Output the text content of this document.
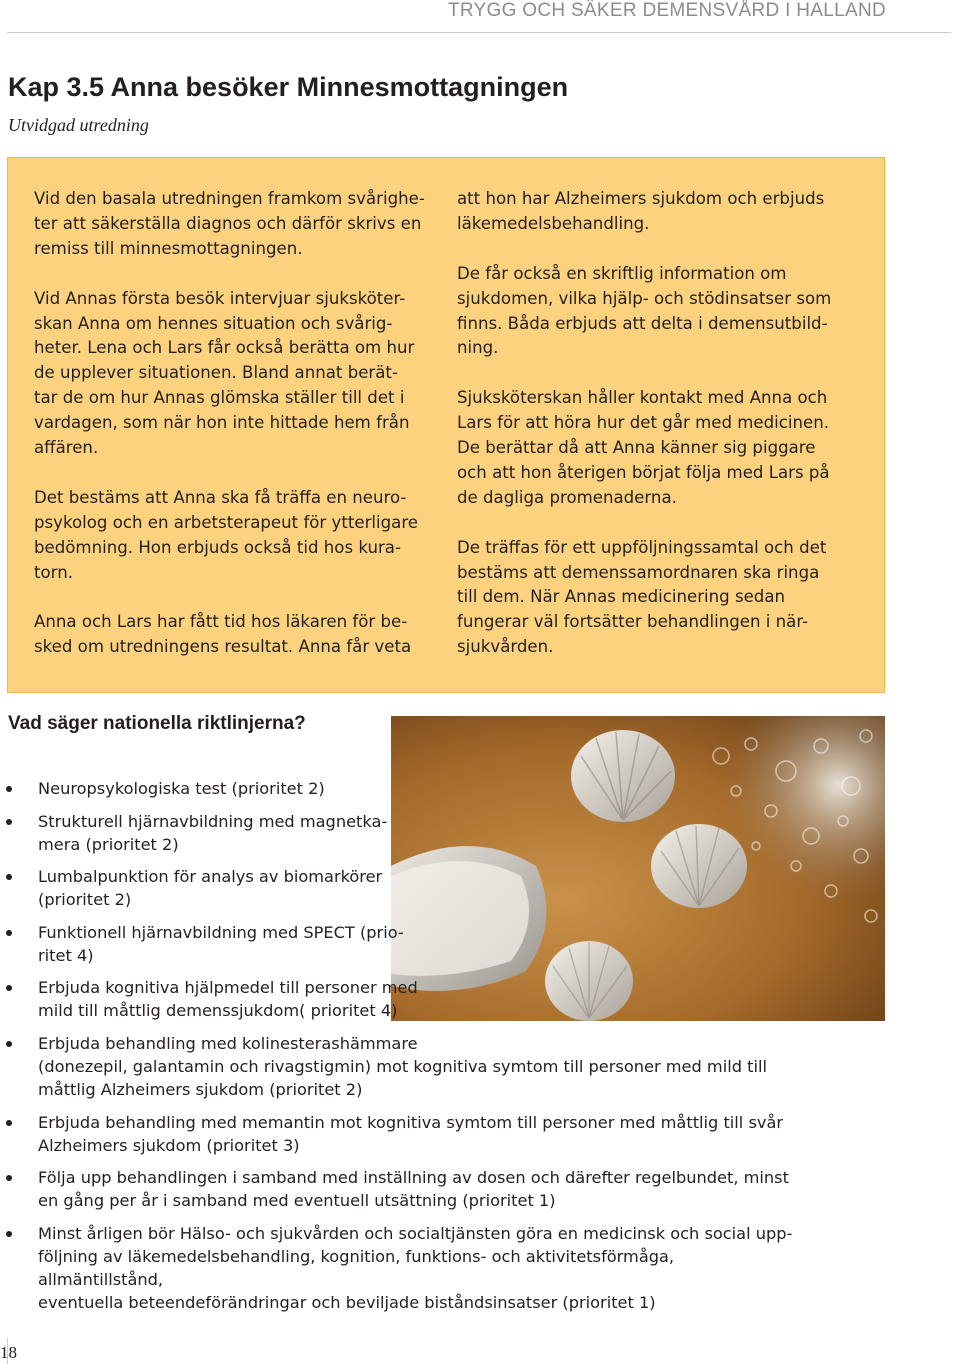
TRYGG OCH SÄKER DEMENSVÅRD I HALLAND
Kap 3.5 Anna besöker Minnesmottagningen
Utvidgad utredning

Vid den basala utredningen framkom svårighe-
ter att säkerställa diagnos och därför skrivs en
remiss till minnesmottagningen.

Vid Annas första besök intervjuar sjuksköter-
skan Anna om hennes situation och svårig-
heter. Lena och Lars får också berätta om hur
de upplever situationen. Bland annat berät-
tar de om hur Annas glömska ställer till det i
vardagen, som när hon inte hittade hem från
affären.

Det bestäms att Anna ska få träffa en neuro-
psykolog och en arbetsterapeut för ytterligare
bedömning. Hon erbjuds också tid hos kura-
torn.

Anna och Lars har fått tid hos läkaren för be-
sked om utredningens resultat. Anna får veta

att hon har Alzheimers sjukdom och erbjuds
läkemedelsbehandling.

De får också en skriftlig information om
sjukdomen, vilka hjälp- och stödinsatser som
finns. Båda erbjuds att delta i demensutbild-
ning.

Sjuksköterskan håller kontakt med Anna och
Lars för att höra hur det går med medicinen.
De berättar då att Anna känner sig piggare
och att hon återigen börjat följa med Lars på
de dagliga promenaderna.

De träffas för ett uppföljningssamtal och det
bestäms att demenssamordnaren ska ringa
till dem. När Annas medicinering sedan
fungerar väl fortsätter behandlingen i när-
sjukvården.

Vad säger nationella riktlinjerna?
Neuropsykologiska test (prioritet 2)
Strukturell hjärnavbildning med magnetka-
mera (prioritet 2)
Lumbalpunktion för analys av biomarkörer
(prioritet 2)
Funktionell hjärnavbildning med SPECT (prio-
ritet 4)
Erbjuda kognitiva hjälpmedel till personer med
mild till måttlig demenssjukdom( prioritet 4)
Erbjuda behandling med kolinesterashämmare
(donezepil, galantamin och rivagstigmin) mot kognitiva symtom till personer med mild till
måttlig Alzheimers sjukdom (prioritet 2)
Erbjuda behandling med memantin mot kognitiva symtom till personer med måttlig till svår
Alzheimers sjukdom (prioritet 3)
Följa upp behandlingen i samband med inställning av dosen och därefter regelbundet, minst
en gång per år i samband med eventuell utsättning (prioritet 1)
Minst årligen bör Hälso- och sjukvården och socialtjänsten göra en medicinsk och social upp-
följning av läkemedelsbehandling, kognition, funktions- och aktivitetsförmåga, allmäntillstånd,
eventuella beteendeförändringar och beviljade biståndsinsatser (prioritet 1)
18
